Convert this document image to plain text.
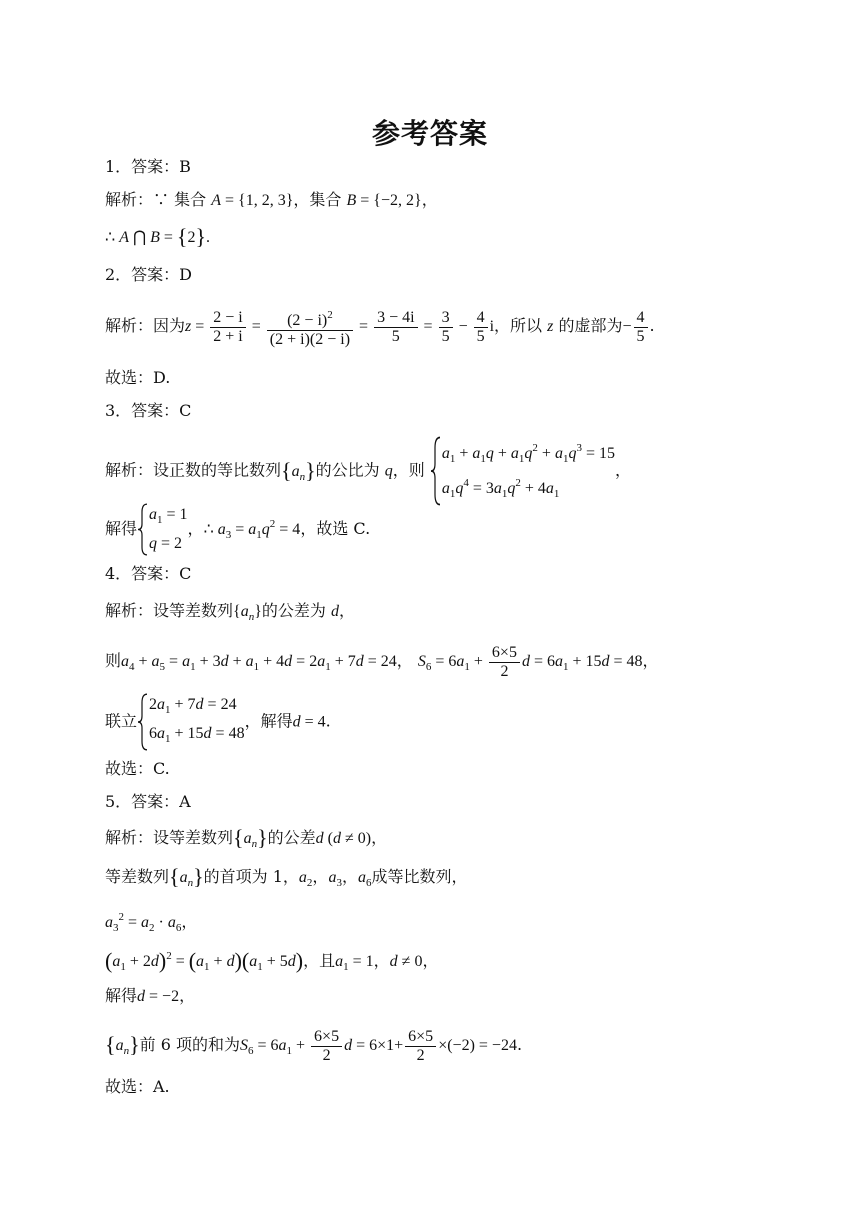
参考答案
1．答案：B
解析：∵ 集合 A = {1, 2, 3}，集合 B = {−2, 2}，
∴ A ⋂ B = {2}.
2．答案：D
解析：因为$z = \frac{2 - i}{2 + i} = \frac{(2 - i)^2}{(2 + i)(2 - i)} = \frac{3 - 4i}{5} = \frac{3}{5} - \frac{4}{5}$ i，所以 z 的虚部为− $\frac{4}{5}$ .
故选：D.
3．答案：C
解析：设正数的等比数列$\{a_n\}$的公比为 q，则
$a_1 + a_1q + a_1q^2 + a_1q^3 = 15$
$a_1q^4 = 3a_1q^2 + 4a_1$
，
解得
$a_1 = 1$
q = 2
，∴ $a_3 = a_1q^2 = 4$，故选 C.
4．答案：C
解析：设等差数列$\{a_n\}$的公差为 d，
则$a_4 + a_5 = a_1 + 3d + a_1 + 4d = 2a_1 + 7d = 24$， $S_6 = 6a_1 + \frac{6\times 5}{2}$ $d = 6a_1 + 15d = 48$，
联立
$2a_1 + 7d = 24$
$6a_1 + 15d = 48$
，解得d = 4.
故选：C.
5．答案：A
解析：设等差数列$\{a_n\}$的公差d (d ≠ 0)，
等差数列$\{a_n\}$的首项为 1，$a_2$，$a_3$，$a_6$成等比数列，
$a_3^2 = a_2 \cdot a_6$，
$(a_1 + 2d)^2 = (a_1 + d)(a_1 + 5d)$，且$a_1 = 1$，d ≠ 0，
解得d = −2，
$\{a_n\}$前 6 项的和为$S_6 = 6a_1 + \frac{6\times 5}{2}$ $d = 6\times 1+ \frac{6\times 5}{2} \times(-2) = -24$.
故选：A.
